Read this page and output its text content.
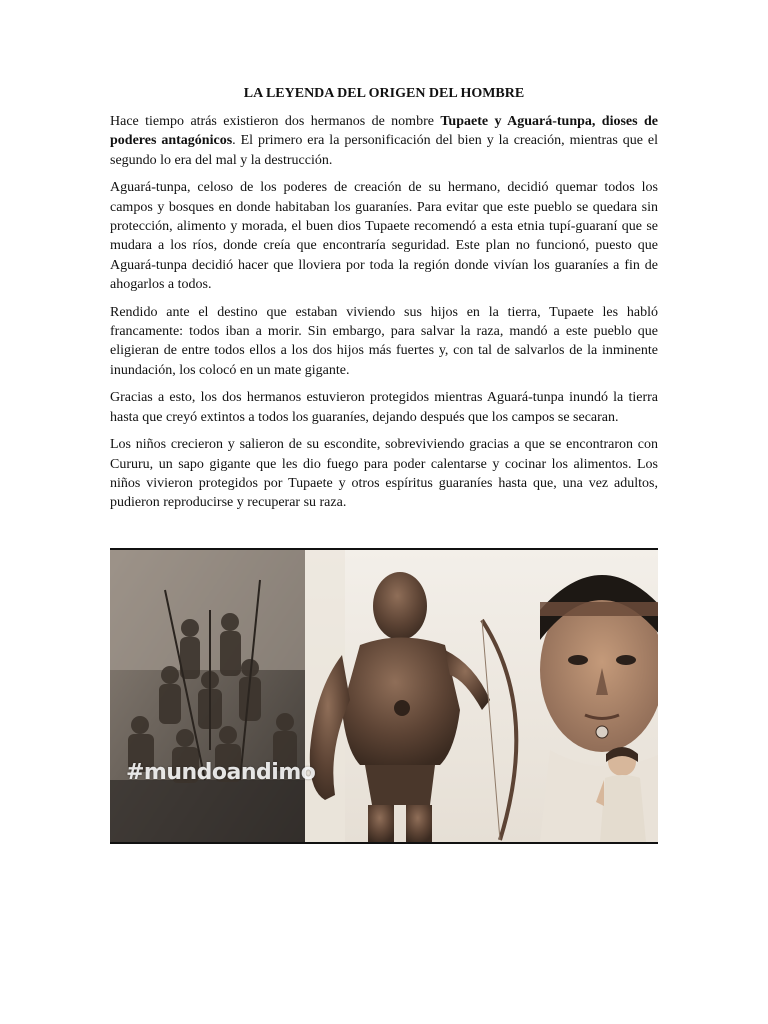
LA LEYENDA DEL ORIGEN DEL HOMBRE

Hace tiempo atrás existieron dos hermanos de nombre Tupaete y Aguará-tunpa, dioses de poderes antagónicos. El primero era la personificación del bien y la creación, mientras que el segundo lo era del mal y la destrucción.

Aguará-tunpa, celoso de los poderes de creación de su hermano, decidió quemar todos los campos y bosques en donde habitaban los guaraníes. Para evitar que este pueblo se quedara sin protección, alimento y morada, el buen dios Tupaete recomendó a esta etnia tupí-guaraní que se mudara a los ríos, donde creía que encontraría seguridad. Este plan no funcionó, puesto que Aguará-tunpa decidió hacer que lloviera por toda la región donde vivían los guaraníes a fin de ahogarlos a todos.

Rendido ante el destino que estaban viviendo sus hijos en la tierra, Tupaete les habló francamente: todos iban a morir. Sin embargo, para salvar la raza, mandó a este pueblo que eligieran de entre todos ellos a los dos hijos más fuertes y, con tal de salvarlos de la inminente inundación, los colocó en un mate gigante.

Gracias a esto, los dos hermanos estuvieron protegidos mientras Aguará-tunpa inundó la tierra hasta que creyó extintos a todos los guaraníes, dejando después que los campos se secaran.

Los niños crecieron y salieron de su escondite, sobreviviendo gracias a que se encontraron con Cururu, un sapo gigante que les dio fuego para poder calentarse y cocinar los alimentos. Los niños vivieron protegidos por Tupaete y otros espíritus guaraníes hasta que, una vez adultos, pudieron reproducirse y recuperar su raza.

#mundoandimo
